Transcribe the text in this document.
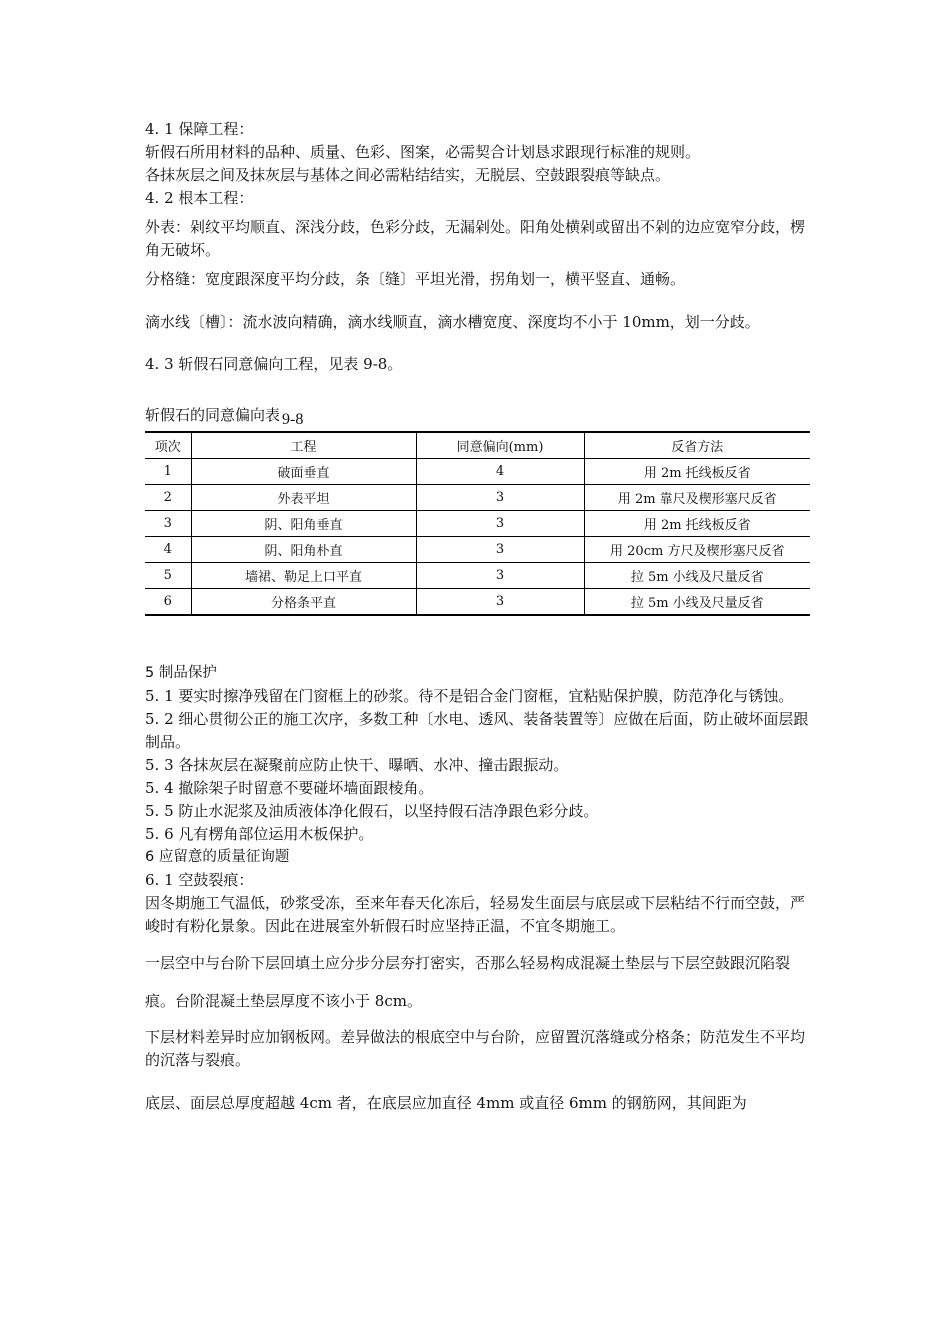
4. 1 保障工程：

斩假石所用材料的品种、质量、色彩、图案，必需契合计划恳求跟现行标准的规则。

各抹灰层之间及抹灰层与基体之间必需粘结结实，无脱层、空鼓跟裂痕等缺点。

4. 2 根本工程：

外表：剁纹平均顺直、深浅分歧，色彩分歧，无漏剁处。阳角处横剁或留出不剁的边应宽窄分歧，楞角无破坏。

分格缝：宽度跟深度平均分歧，条〔缝〕平坦光滑，拐角划一，横平竖直、通畅。

滴水线〔槽〕：流水波向精确，滴水线顺直，滴水槽宽度、深度均不小于 10mm，划一分歧。

4. 3 斩假石同意偏向工程，见表 9-8。

斩假石的同意偏向表 9-8
项次	工程	同意偏向(mm)	反省方法
1	破面垂直	4	用 2m 托线板反省
2	外表平坦	3	用 2m 靠尺及楔形塞尺反省
3	阴、阳角垂直	3	用 2m 托线板反省
4	阴、阳角朴直	3	用 20cm 方尺及楔形塞尺反省
5	墙裙、勒足上口平直	3	拉 5m 小线及尺量反省
6	分格条平直	3	拉 5m 小线及尺量反省

5 制品保护

5. 1 要实时擦净残留在门窗框上的砂浆。待不是铝合金门窗框，宜粘贴保护膜，防范净化与锈蚀。

5. 2 细心贯彻公正的施工次序，多数工种〔水电、透风、装备装置等〕应做在后面，防止破坏面层跟制品。

5. 3 各抹灰层在凝聚前应防止快干、曝晒、水冲、撞击跟振动。

5. 4 撤除架子时留意不要碰坏墙面跟棱角。

5. 5 防止水泥浆及油质液体净化假石，以坚持假石洁净跟色彩分歧。

5. 6 凡有楞角部位运用木板保护。

6 应留意的质量征询题

6. 1 空鼓裂痕：

因冬期施工气温低，砂浆受冻，至来年春天化冻后，轻易发生面层与底层或下层粘结不行而空鼓，严峻时有粉化景象。因此在进展室外斩假石时应坚持正温，不宜冬期施工。

一层空中与台阶下层回填土应分步分层夯打密实，否那么轻易构成混凝土垫层与下层空鼓跟沉陷裂痕。台阶混凝土垫层厚度不该小于 8cm。

下层材料差异时应加钢板网。差异做法的根底空中与台阶，应留置沉落缝或分格条；防范发生不平均的沉落与裂痕。

底层、面层总厚度超越 4cm 者，在底层应加直径 4mm 或直径 6mm 的钢筋网，其间距为
